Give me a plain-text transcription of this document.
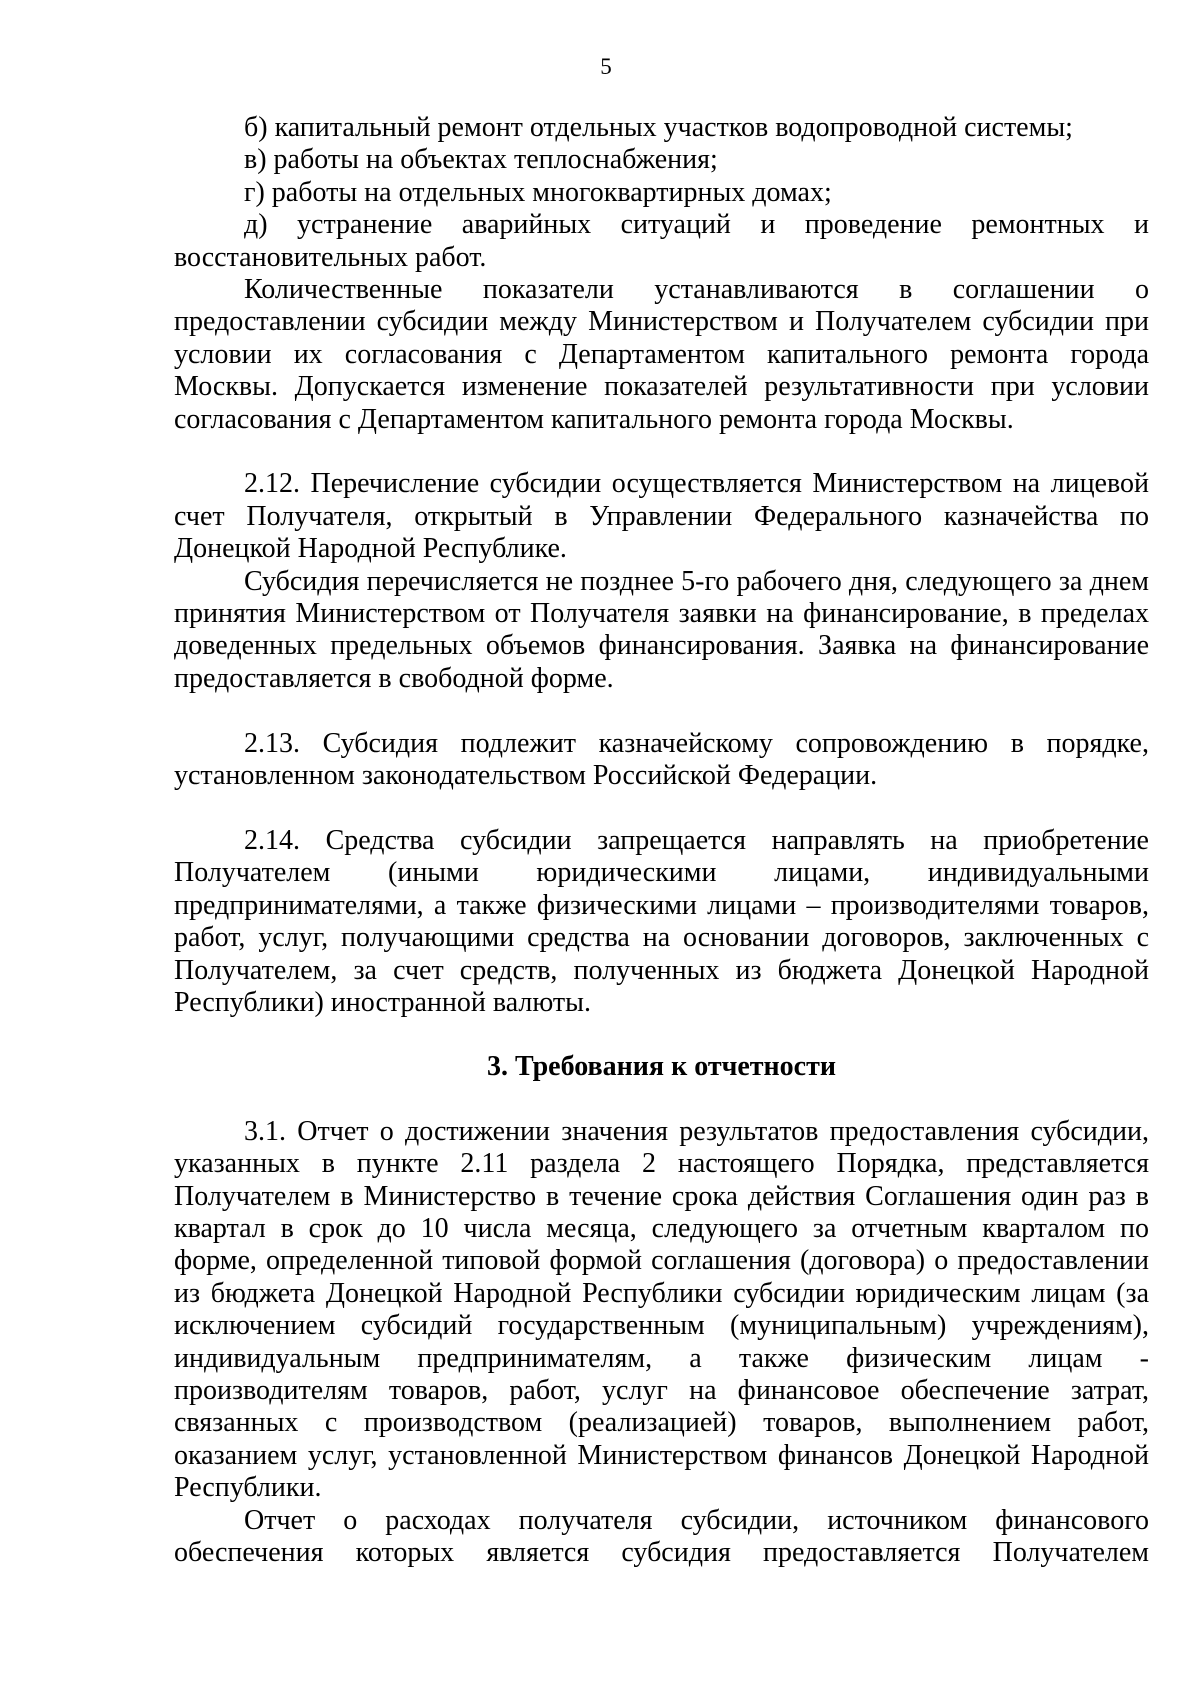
5

б) капитальный ремонт отдельных участков водопроводной системы;

в) работы на объектах теплоснабжения;

г) работы на отдельных многоквартирных домах;

д) устранение аварийных ситуаций и проведение ремонтных и восстановительных работ.

Количественные показатели устанавливаются в соглашении о предоставлении субсидии между Министерством и Получателем субсидии при условии их согласования с Департаментом капитального ремонта города Москвы. Допускается изменение показателей результативности при условии согласования с Департаментом капитального ремонта города Москвы.

2.12. Перечисление субсидии осуществляется Министерством на лицевой счет Получателя, открытый в Управлении Федерального казначейства по Донецкой Народной Республике.

Субсидия перечисляется не позднее 5-го рабочего дня, следующего за днем принятия Министерством от Получателя заявки на финансирование, в пределах доведенных предельных объемов финансирования. Заявка на финансирование предоставляется в свободной форме.

2.13. Субсидия подлежит казначейскому сопровождению в порядке, установленном законодательством Российской Федерации.

2.14. Средства субсидии запрещается направлять на приобретение Получателем (иными юридическими лицами, индивидуальными предпринимателями, а также физическими лицами – производителями товаров, работ, услуг, получающими средства на основании договоров, заключенных с Получателем, за счет средств, полученных из бюджета Донецкой Народной Республики) иностранной валюты.

3. Требования к отчетности

3.1. Отчет о достижении значения результатов предоставления субсидии, указанных в пункте 2.11 раздела 2 настоящего Порядка, представляется Получателем в Министерство в течение срока действия Соглашения один раз в квартал в срок до 10 числа месяца, следующего за отчетным кварталом по форме, определенной типовой формой соглашения (договора) о предоставлении из бюджета Донецкой Народной Республики субсидии юридическим лицам (за исключением субсидий государственным (муниципальным) учреждениям), индивидуальным предпринимателям, а также физическим лицам - производителям товаров, работ, услуг на финансовое обеспечение затрат, связанных с производством (реализацией) товаров, выполнением работ, оказанием услуг, установленной Министерством финансов Донецкой Народной Республики.

Отчет о расходах получателя субсидии, источником финансового обеспечения которых является субсидия предоставляется Получателем
